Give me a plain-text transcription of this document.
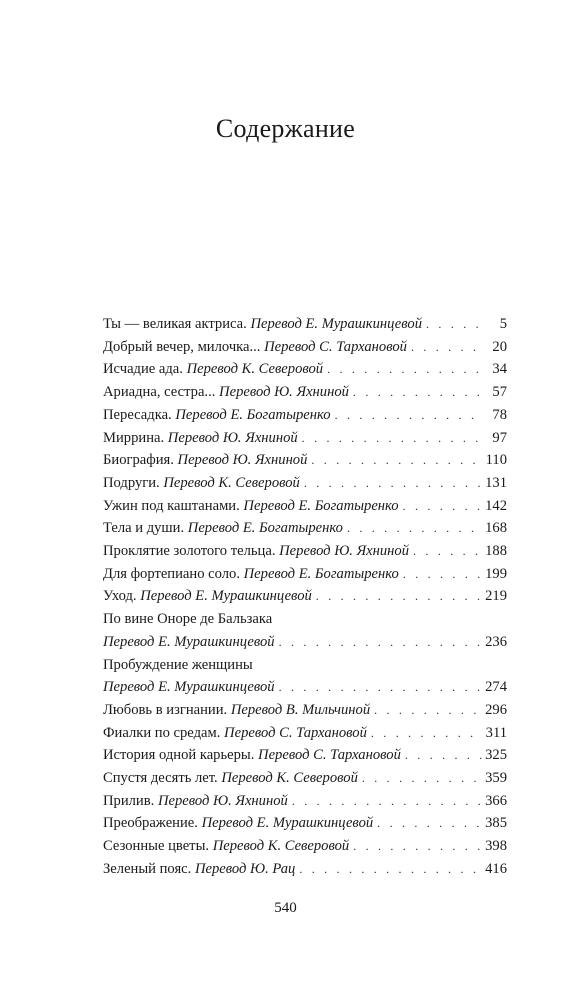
Содержание
Ты — великая актриса.
Перевод Е. Мурашкинцевой . . .	5
Добрый вечер, милочка...
Перевод С. Тархановой . . .	20
Исчадие ада.
Перевод К. Северовой . . .	34
Ариадна, сестра...
Перевод Ю. Яхниной . . .	57
Пересадка.
Перевод Е. Богатыренко . . .	78
Миррина.
Перевод Ю. Яхниной . . .	97
Биография.
Перевод Ю. Яхниной . . .	110
Подруги.
Перевод К. Северовой . . .	131
Ужин под каштанами.
Перевод Е. Богатыренко . . .	142
Тела и души.
Перевод Е. Богатыренко . . .	168
Проклятие золотого тельца.
Перевод Ю. Яхниной . . .	188
Для фортепиано соло.
Перевод Е. Богатыренко . . .	199
Уход.
Перевод Е. Мурашкинцевой . . .	219
По вине Оноре де Бальзака
Перевод Е. Мурашкинцевой . . .	236
Пробуждение женщины
Перевод Е. Мурашкинцевой . . .	274
Любовь в изгнании.
Перевод В. Мильчиной . . .	296
Фиалки по средам.
Перевод С. Тархановой . . .	311
История одной карьеры.
Перевод С. Тархановой . . .	325
Спустя десять лет.
Перевод К. Северовой . . .	359
Прилив.
Перевод Ю. Яхниной . . .	366
Преображение.
Перевод Е. Мурашкинцевой . . .	385
Сезонные цветы.
Перевод К. Северовой . . .	398
Зеленый пояс.
Перевод Ю. Рац . . .	416
540
